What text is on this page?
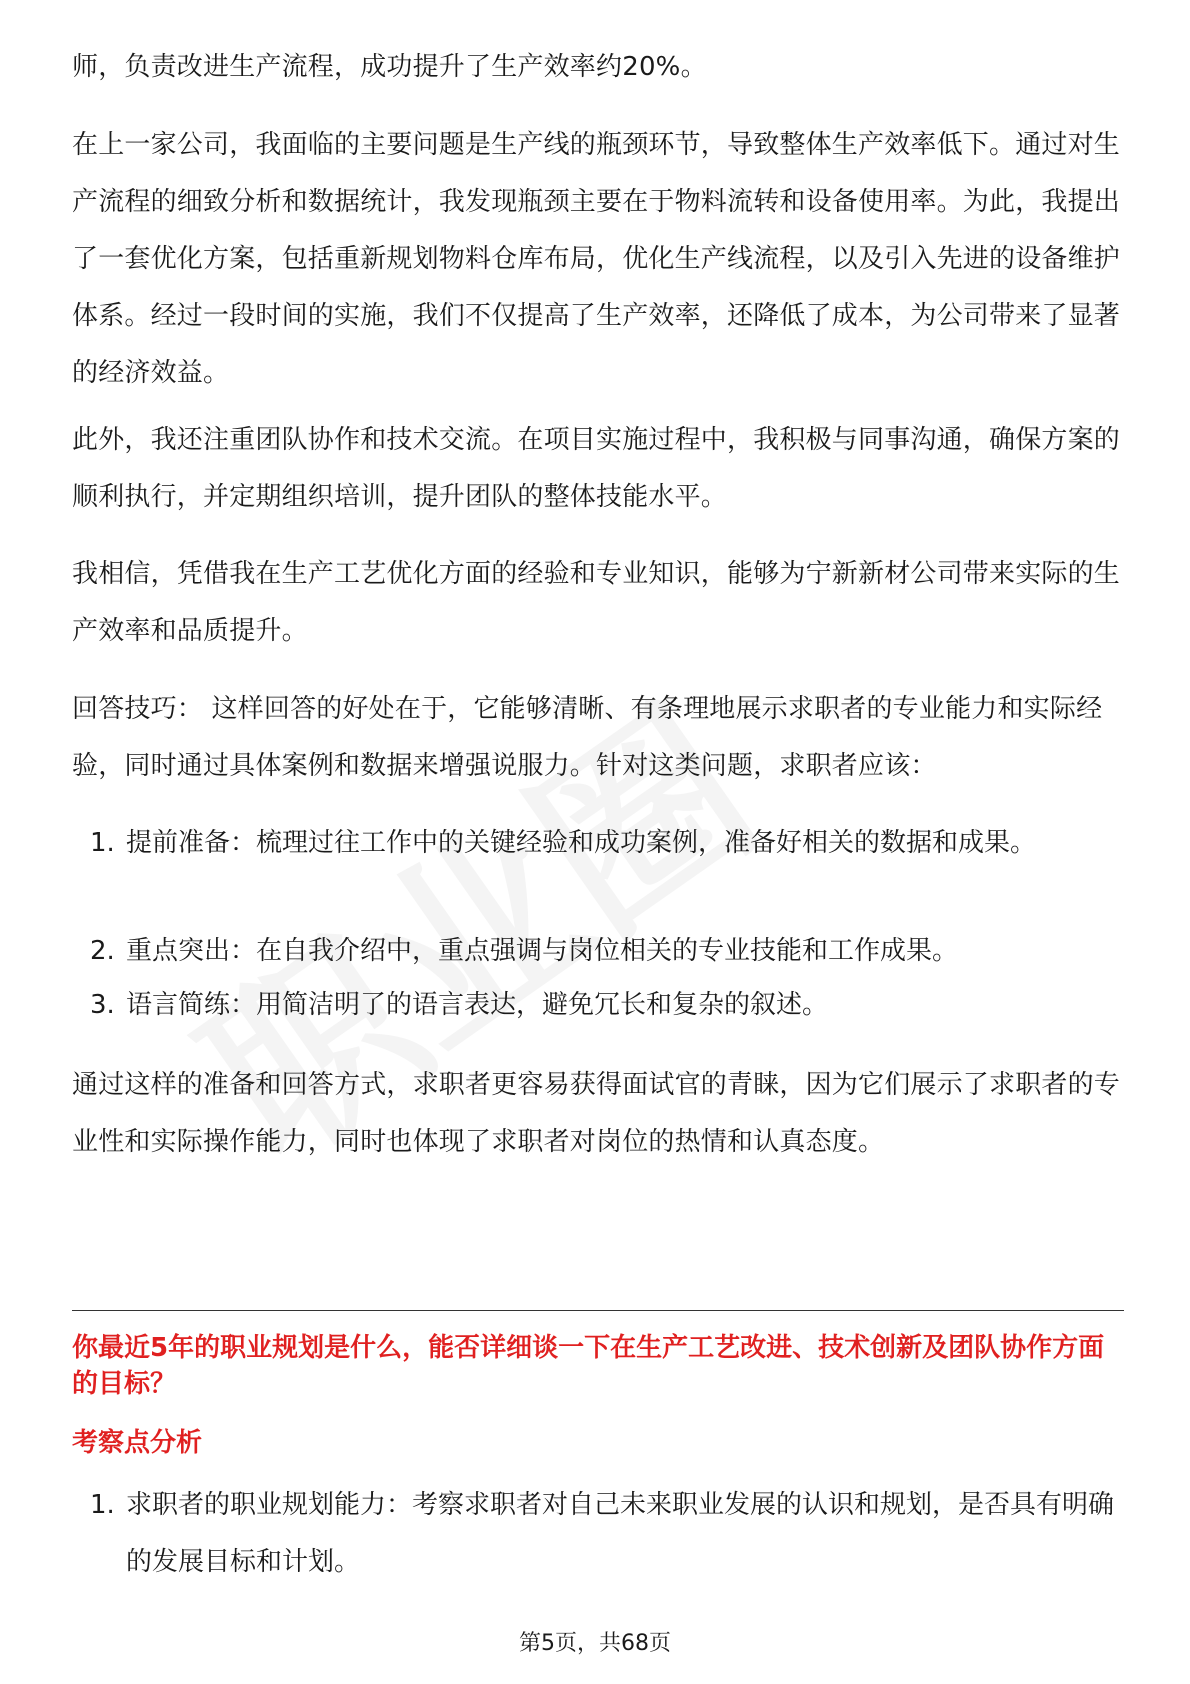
师，负责改进生产流程，成功提升了生产效率约20%。

在上一家公司，我面临的主要问题是生产线的瓶颈环节，导致整体生产效率低下。通过对生产流程的细致分析和数据统计，我发现瓶颈主要在于物料流转和设备使用率。为此，我提出了一套优化方案，包括重新规划物料仓库布局，优化生产线流程，以及引入先进的设备维护体系。经过一段时间的实施，我们不仅提高了生产效率，还降低了成本，为公司带来了显著的经济效益。

此外，我还注重团队协作和技术交流。在项目实施过程中，我积极与同事沟通，确保方案的顺利执行，并定期组织培训，提升团队的整体技能水平。

我相信，凭借我在生产工艺优化方面的经验和专业知识，能够为宁新新材公司带来实际的生产效率和品质提升。

回答技巧： 这样回答的好处在于，它能够清晰、有条理地展示求职者的专业能力和实际经验，同时通过具体案例和数据来增强说服力。针对这类问题，求职者应该：

1. 提前准备：梳理过往工作中的关键经验和成功案例，准备好相关的数据和成果。
2. 重点突出：在自我介绍中，重点强调与岗位相关的专业技能和工作成果。
3. 语言简练：用简洁明了的语言表达，避免冗长和复杂的叙述。

通过这样的准备和回答方式，求职者更容易获得面试官的青睐，因为它们展示了求职者的专业性和实际操作能力，同时也体现了求职者对岗位的热情和认真态度。

你最近5年的职业规划是什么，能否详细谈一下在生产工艺改进、技术创新及团队协作方面的目标？
考察点分析
1. 求职者的职业规划能力：考察求职者对自己未来职业发展的认识和规划，是否具有明确的发展目标和计划。
第5页，共68页
